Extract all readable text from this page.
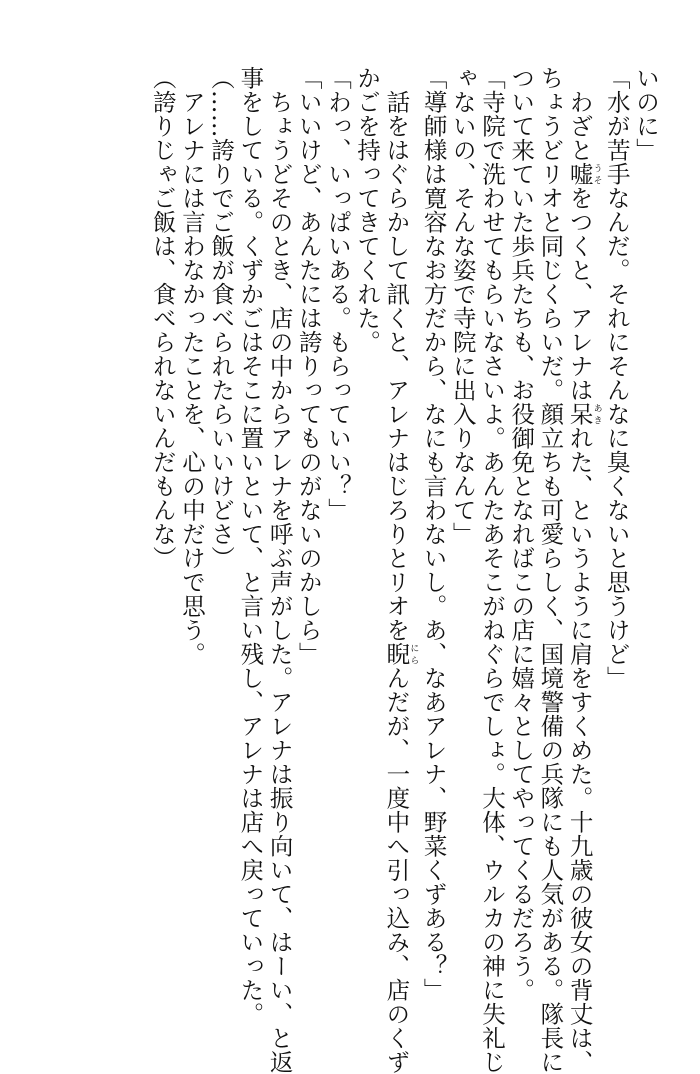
いのに」
「水が苦手なんだ。それにそんなに臭くないと思うけど」
わざと嘘うそをつくと、アレナは呆あきれた、というように肩をすくめた。十九歳の彼女の背丈は、
ちょうどリオと同じくらいだ。顔立ちも可愛らしく、国境警備の兵隊にも人気がある。隊長に
ついて来ていた歩兵たちも、お役御免となればこの店に嬉々としてやってくるだろう。
「寺院で洗わせてもらいなさいよ。あんたあそこがねぐらでしょ。大体、ウルカの神に失礼じ
ゃないの、そんな姿で寺院に出入りなんて」
「導師様は寛容なお方だから、なにも言わないし。あ、なあアレナ、野菜くずある？」
話をはぐらかして訊くと、アレナはじろりとリオを睨にらんだが、一度中へ引っ込み、店のくず
かごを持ってきてくれた。
「わっ、いっぱいある。もらっていい？」
「いいけど、あんたには誇りってものがないのかしら」
ちょうどそのとき、店の中からアレナを呼ぶ声がした。アレナは振り向いて、はーい、と返
事をしている。くずかごはそこに置いといて、と言い残し、アレナは店へ戻っていった。
（……誇りでご飯が食べられたらいいけどさ）
アレナには言わなかったことを、心の中だけで思う。
（誇りじゃご飯は、食べられないんだもんな）
